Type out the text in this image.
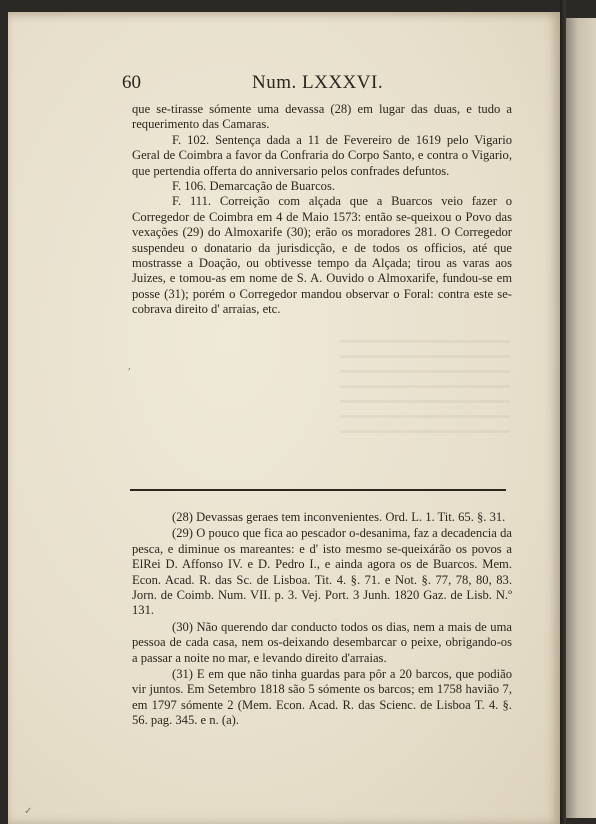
60	Num. LXXXVI.

que se-tirasse sómente uma devassa (28) em lugar das duas, e tudo a requerimento das Camaras.

F. 102. Sentença dada a 11 de Fevereiro de 1619 pelo Vigario Geral de Coimbra a favor da Confraria do Corpo Santo, e contra o Vigario, que pertendia offerta do anniversario pelos confrades defuntos.

F. 106. Demarcação de Buarcos.

F. 111. Correição com alçada que a Buarcos veio fazer o Corregedor de Coimbra em 4 de Maio 1573: então se-queixou o Povo das vexações (29) do Almoxarife (30); erão os moradores 281. O Corregedor suspendeu o donatario da jurisdicção, e de todos os officios, até que mostrasse a Doação, ou obtivesse tempo da Alçada; tirou as varas aos Juizes, e tomou-as em nome de S. A. Ouvido o Almoxarife, fundou-se em posse (31); porém o Corregedor mandou observar o Foral: contra este se-cobrava direito d' arraias, etc.

,

(28) Devassas geraes tem inconvenientes. Ord. L. 1. Tit. 65. §. 31.

(29) O pouco que fica ao pescador o-desanima, faz a decadencia da pesca, e diminue os mareantes: e d' isto mesmo se-queixárão os povos a ElRei D. Affonso IV. e D. Pedro I., e ainda agora os de Buarcos. Mem. Econ. Acad. R. das Sc. de Lisboa. Tit. 4. §. 71. e Not. §. 77, 78, 80, 83. Jorn. de Coimb. Num. VII. p. 3. Vej. Port. 3 Junh. 1820 Gaz. de Lisb. N.º 131.

(30) Não querendo dar conducto todos os dias, nem a mais de uma pessoa de cada casa, nem os-deixando desembarcar o peixe, obrigando-os a passar a noite no mar, e levando direito d'arraias.

(31) E em que não tinha guardas para pôr a 20 barcos, que podião vir juntos. Em Setembro 1818 são 5 sómente os barcos; em 1758 havião 7, em 1797 sómente 2 (Mem. Econ. Acad. R. das Scienc. de Lisboa T. 4. §. 56. pag. 345. e n. (a).

✓
